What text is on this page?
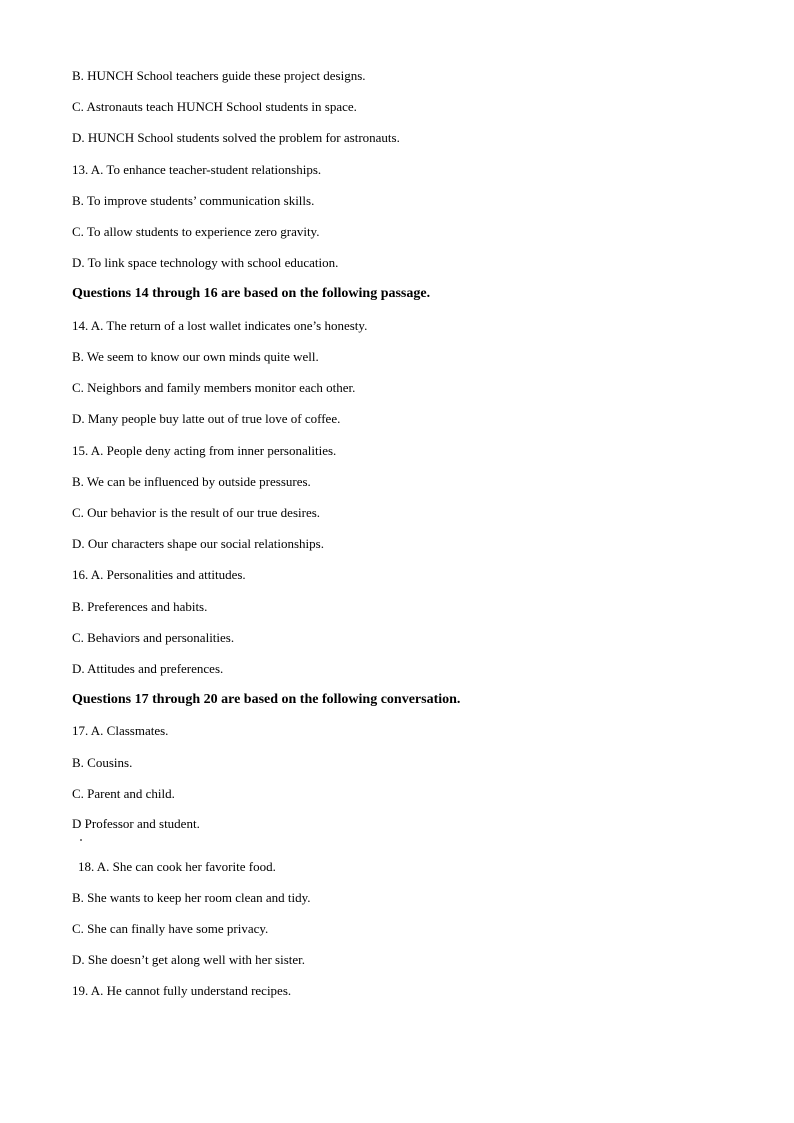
B. HUNCH School teachers guide these project designs.
C. Astronauts teach HUNCH School students in space.
D. HUNCH School students solved the problem for astronauts.
13. A. To enhance teacher-student relationships.
B. To improve students’ communication skills.
C. To allow students to experience zero gravity.
D. To link space technology with school education.
Questions 14 through 16 are based on the following passage.
14. A. The return of a lost wallet indicates one’s honesty.
B. We seem to know our own minds quite well.
C. Neighbors and family members monitor each other.
D. Many people buy latte out of true love of coffee.
15. A. People deny acting from inner personalities.
B. We can be influenced by outside pressures.
C. Our behavior is the result of our true desires.
D. Our characters shape our social relationships.
16. A. Personalities and attitudes.
B. Preferences and habits.
C. Behaviors and personalities.
D. Attitudes and preferences.
Questions 17 through 20 are based on the following conversation.
17. A. Classmates.
B. Cousins.
C. Parent and child.
D Professor and student.
18. A. She can cook her favorite food.
B. She wants to keep her room clean and tidy.
C. She can finally have some privacy.
D. She doesn’t get along well with her sister.
19. A. He cannot fully understand recipes.
